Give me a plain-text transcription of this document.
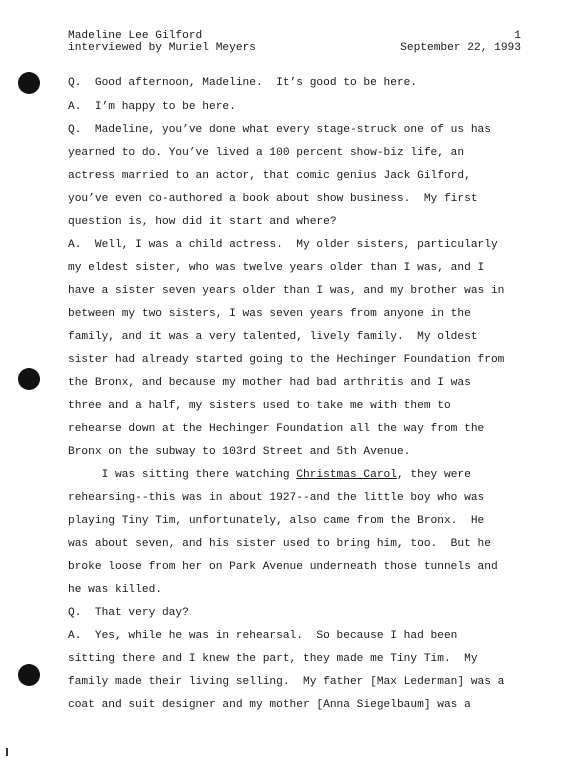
Madeline Lee Gilford
interviewed by Muriel Meyers
1
September 22, 1993
Q.  Good afternoon, Madeline.  It’s good to be here.
A.  I’m happy to be here.
Q.  Madeline, you’ve done what every stage-struck one of us has
yearned to do. You’ve lived a 100 percent show-biz life, an
actress married to an actor, that comic genius Jack Gilford,
you’ve even co-authored a book about show business.  My first
question is, how did it start and where?
A.  Well, I was a child actress.  My older sisters, particularly
my eldest sister, who was twelve years older than I was, and I
have a sister seven years older than I was, and my brother was in
between my two sisters, I was seven years from anyone in the
family, and it was a very talented, lively family.  My oldest
sister had already started going to the Hechinger Foundation from
the Bronx, and because my mother had bad arthritis and I was
three and a half, my sisters used to take me with them to
rehearse down at the Hechinger Foundation all the way from the
Bronx on the subway to 103rd Street and 5th Avenue.
I was sitting there watching Christmas Carol, they were
rehearsing--this was in about 1927--and the little boy who was
playing Tiny Tim, unfortunately, also came from the Bronx.  He
was about seven, and his sister used to bring him, too.  But he
broke loose from her on Park Avenue underneath those tunnels and
he was killed.
Q.  That very day?
A.  Yes, while he was in rehearsal.  So because I had been
sitting there and I knew the part, they made me Tiny Tim.  My
family made their living selling.  My father [Max Lederman] was a
coat and suit designer and my mother [Anna Siegelbaum] was a
